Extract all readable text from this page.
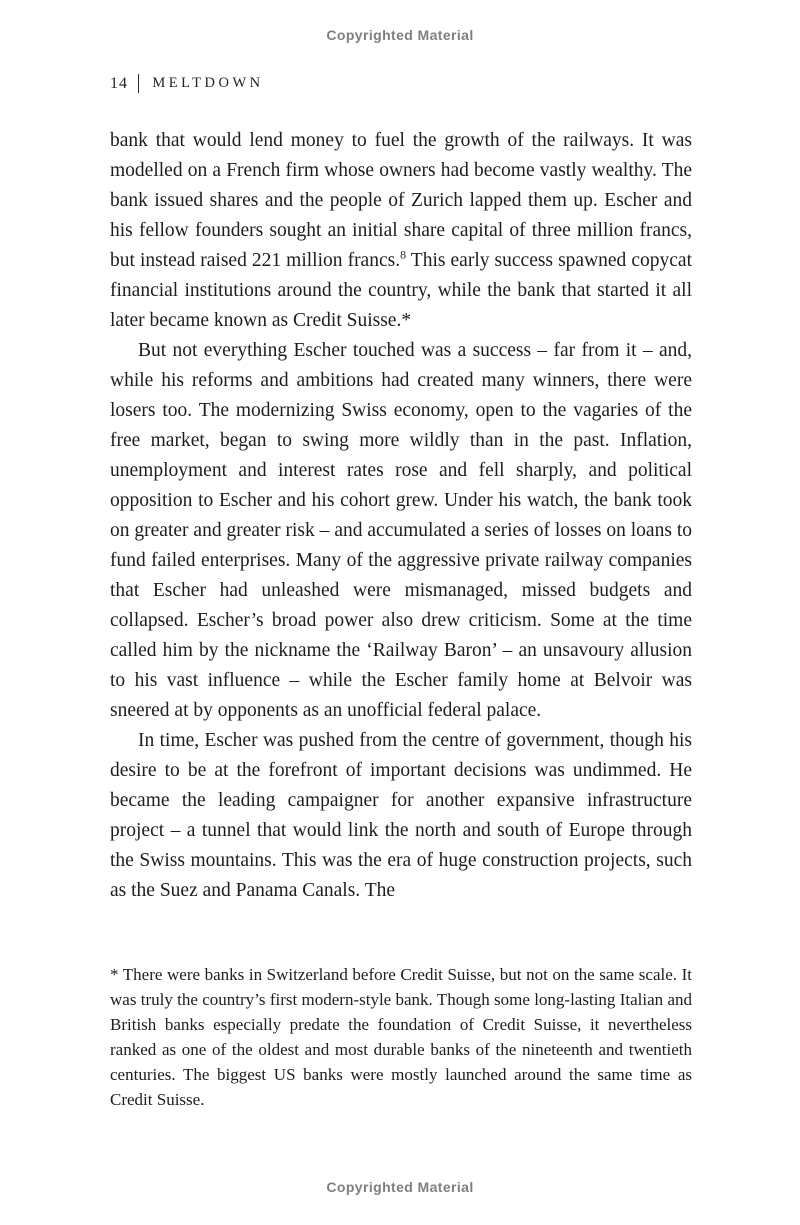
Copyrighted Material
14 MELTDOWN

bank that would lend money to fuel the growth of the railways. It was modelled on a French firm whose owners had become vastly wealthy. The bank issued shares and the people of Zurich lapped them up. Escher and his fellow founders sought an initial share capital of three million francs, but instead raised 221 million francs.$^8$ This early success spawned copycat financial institutions around the country, while the bank that started it all later became known as Credit Suisse.*

But not everything Escher touched was a success – far from it – and, while his reforms and ambitions had created many winners, there were losers too. The modernizing Swiss economy, open to the vagaries of the free market, began to swing more wildly than in the past. Inflation, unemployment and interest rates rose and fell sharply, and political opposition to Escher and his cohort grew. Under his watch, the bank took on greater and greater risk – and accumulated a series of losses on loans to fund failed enterprises. Many of the aggressive private railway companies that Escher had unleashed were mismanaged, missed budgets and collapsed. Escher’s broad power also drew criticism. Some at the time called him by the nickname the ‘Railway Baron’ – an unsavoury allusion to his vast influence – while the Escher family home at Belvoir was sneered at by opponents as an unofficial federal palace.

In time, Escher was pushed from the centre of government, though his desire to be at the forefront of important decisions was undimmed. He became the leading campaigner for another expansive infrastructure project – a tunnel that would link the north and south of Europe through the Swiss mountains. This was the era of huge construction projects, such as the Suez and Panama Canals. The

* There were banks in Switzerland before Credit Suisse, but not on the same scale. It was truly the country’s first modern-style bank. Though some long-lasting Italian and British banks especially predate the foundation of Credit Suisse, it nevertheless ranked as one of the oldest and most durable banks of the nineteenth and twentieth centuries. The biggest US banks were mostly launched around the same time as Credit Suisse.
Copyrighted Material
